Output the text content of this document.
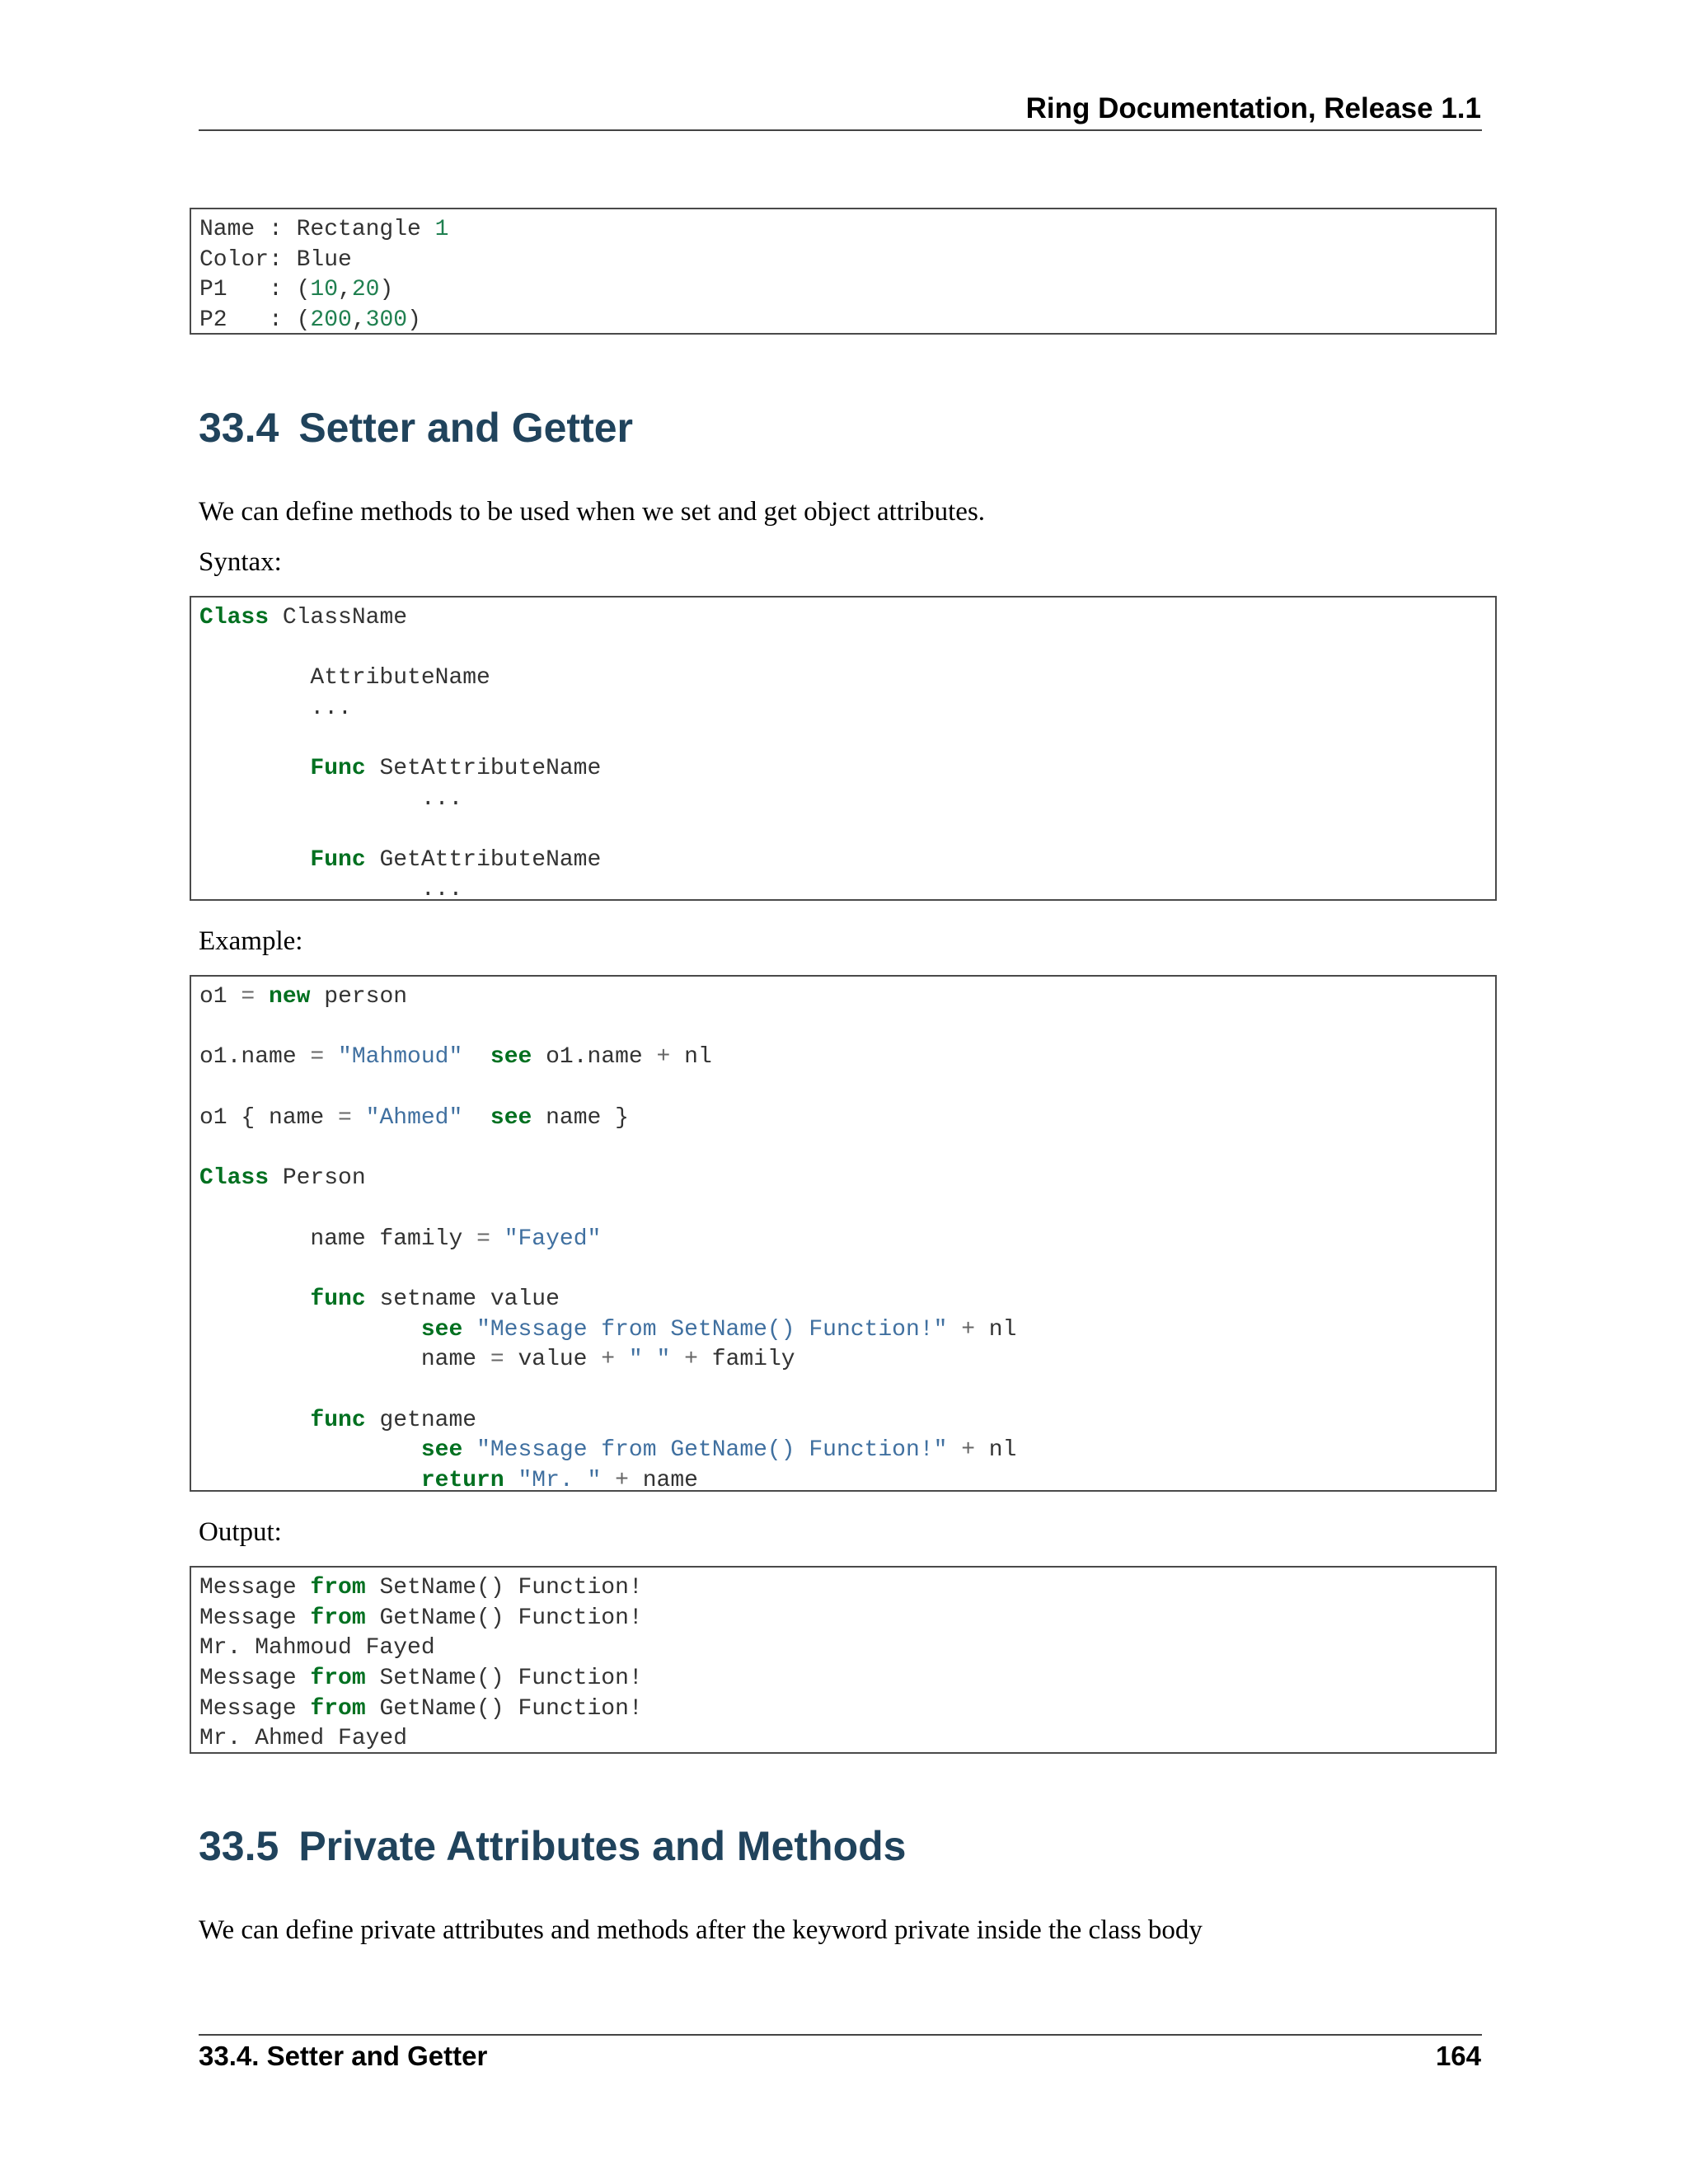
Ring Documentation, Release 1.1
Name : Rectangle 1
Color: Blue
P1   : (10,20)
P2   : (200,300)
33.4 Setter and Getter

We can define methods to be used when we set and get object attributes.

Syntax:

Class ClassName
AttributeName
...
Func SetAttributeName
...
Func GetAttributeName
...

Example:

o1 = new person
o1.name = "Mahmoud" see o1.name + nl
o1 { name = "Ahmed" see name }
Class Person
name family = "Fayed"
func setname value
see "Message from SetName() Function!" + nl
name = value + " " + family
func getname
see "Message from GetName() Function!" + nl
return "Mr. " + name

Output:

Message from SetName() Function!
Message from GetName() Function!
Mr. Mahmoud Fayed
Message from SetName() Function!
Message from GetName() Function!
Mr. Ahmed Fayed
33.5 Private Attributes and Methods

We can define private attributes and methods after the keyword private inside the class body

33.4. Setter and Getter	164
